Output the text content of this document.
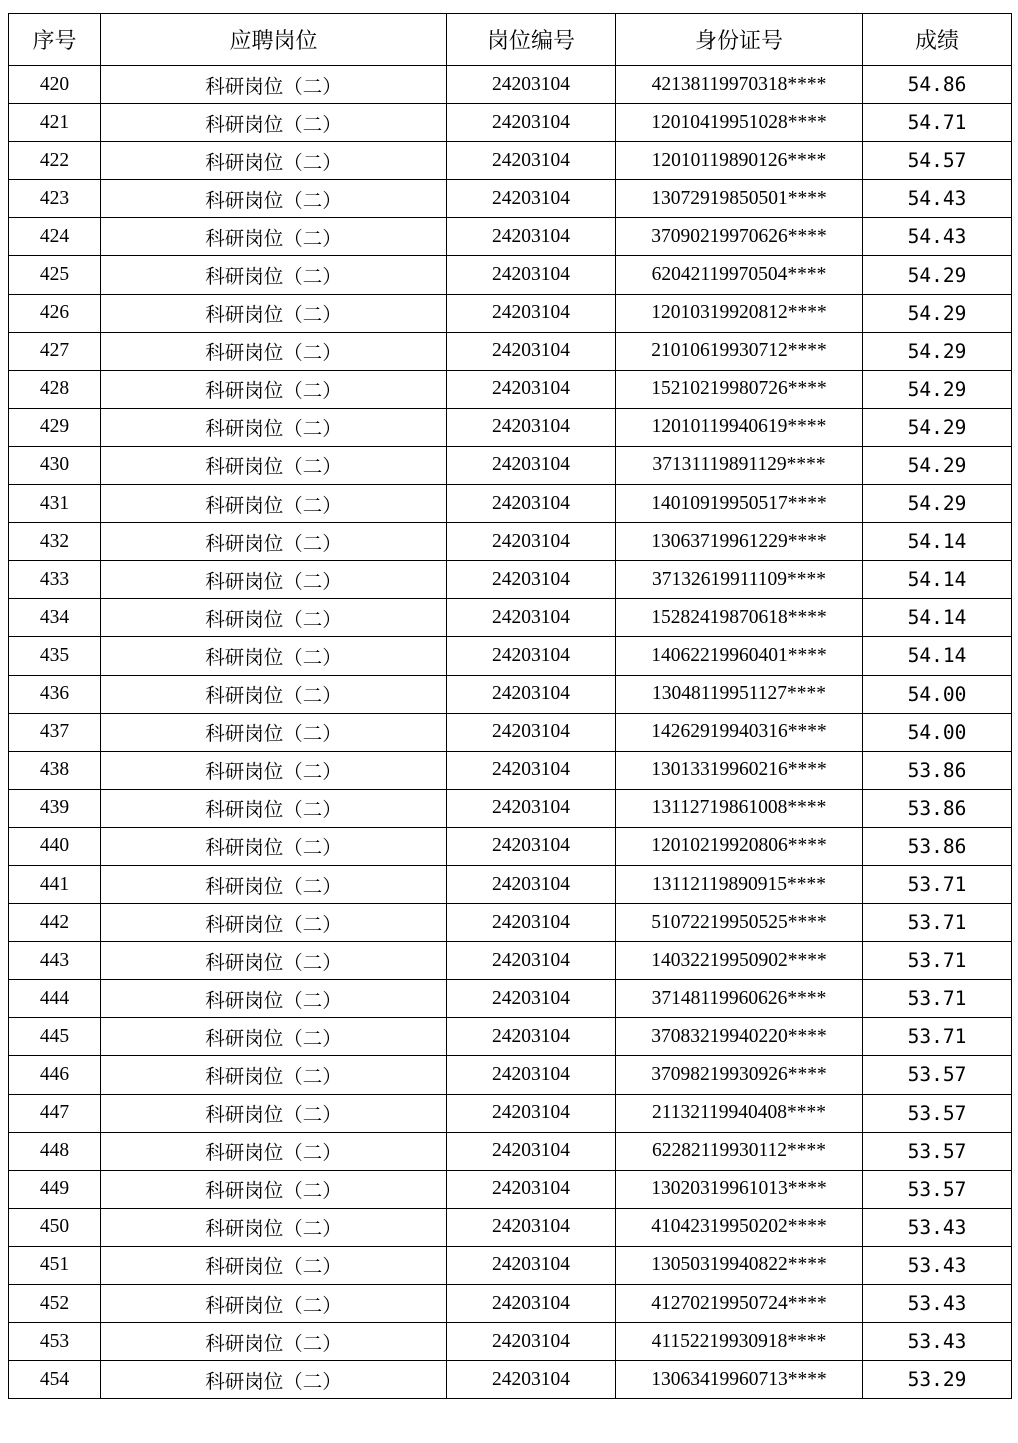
序号	应聘岗位	岗位编号	身份证号	成绩
420	科研岗位（二）	24203104	42138119970318****	54.86
421	科研岗位（二）	24203104	12010419951028****	54.71
422	科研岗位（二）	24203104	12010119890126****	54.57
423	科研岗位（二）	24203104	13072919850501****	54.43
424	科研岗位（二）	24203104	37090219970626****	54.43
425	科研岗位（二）	24203104	62042119970504****	54.29
426	科研岗位（二）	24203104	12010319920812****	54.29
427	科研岗位（二）	24203104	21010619930712****	54.29
428	科研岗位（二）	24203104	15210219980726****	54.29
429	科研岗位（二）	24203104	12010119940619****	54.29
430	科研岗位（二）	24203104	37131119891129****	54.29
431	科研岗位（二）	24203104	14010919950517****	54.29
432	科研岗位（二）	24203104	13063719961229****	54.14
433	科研岗位（二）	24203104	37132619911109****	54.14
434	科研岗位（二）	24203104	15282419870618****	54.14
435	科研岗位（二）	24203104	14062219960401****	54.14
436	科研岗位（二）	24203104	13048119951127****	54.00
437	科研岗位（二）	24203104	14262919940316****	54.00
438	科研岗位（二）	24203104	13013319960216****	53.86
439	科研岗位（二）	24203104	13112719861008****	53.86
440	科研岗位（二）	24203104	12010219920806****	53.86
441	科研岗位（二）	24203104	13112119890915****	53.71
442	科研岗位（二）	24203104	51072219950525****	53.71
443	科研岗位（二）	24203104	14032219950902****	53.71
444	科研岗位（二）	24203104	37148119960626****	53.71
445	科研岗位（二）	24203104	37083219940220****	53.71
446	科研岗位（二）	24203104	37098219930926****	53.57
447	科研岗位（二）	24203104	21132119940408****	53.57
448	科研岗位（二）	24203104	62282119930112****	53.57
449	科研岗位（二）	24203104	13020319961013****	53.57
450	科研岗位（二）	24203104	41042319950202****	53.43
451	科研岗位（二）	24203104	13050319940822****	53.43
452	科研岗位（二）	24203104	41270219950724****	53.43
453	科研岗位（二）	24203104	41152219930918****	53.43
454	科研岗位（二）	24203104	13063419960713****	53.29
